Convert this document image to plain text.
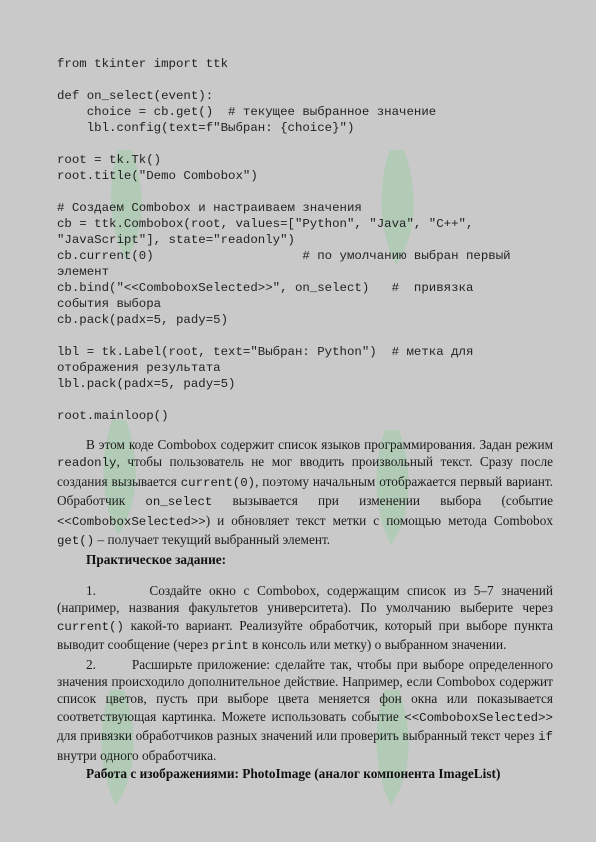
from tkinter import ttk
def on_select(event):
choice = cb.get()  # текущее выбранное значение
lbl.config(text=f"Выбран: {choice}")
root = tk.Tk()
root.title("Demo Combobox")
# Создаем Combobox и настраиваем значения
cb = ttk.Combobox(root, values=["Python", "Java", "C++",
"JavaScript"], state="readonly")
cb.current(0)                    # по умолчанию выбран первый
элемент
cb.bind("<<ComboboxSelected>>", on_select)   #  привязка
события выбора
cb.pack(padx=5, pady=5)
lbl = tk.Label(root, text="Выбран: Python")  # метка для
отображения результата
lbl.pack(padx=5, pady=5)
root.mainloop()

В этом коде Combobox содержит список языков программирования. Задан режим readonly, чтобы пользователь не мог вводить произвольный текст. Сразу после создания вызывается current(0), поэтому начальным отображается первый вариант. Обработчик on_select вызывается при изменении выбора (событие <<ComboboxSelected>>) и обновляет текст метки с помощью метода Combobox get() – получает текущий выбранный элемент.

Практическое задание:

1.	Создайте окно с Combobox, содержащим список из 5–7 значений (например, названия факультетов университета). По умолчанию выберите через current() какой-то вариант. Реализуйте обработчик, который при выборе пункта выводит сообщение (через print в консоль или метку) о выбранном значении.

2.	Расширьте приложение: сделайте так, чтобы при выборе определенного значения происходило дополнительное действие. Например, если Combobox содержит список цветов, пусть при выборе цвета меняется фон окна или показывается соответствующая картинка. Можете использовать событие <<ComboboxSelected>> для привязки обработчиков разных значений или проверить выбранный текст через if внутри одного обработчика.

Работа с изображениями: PhotoImage (аналог компонента ImageList)
